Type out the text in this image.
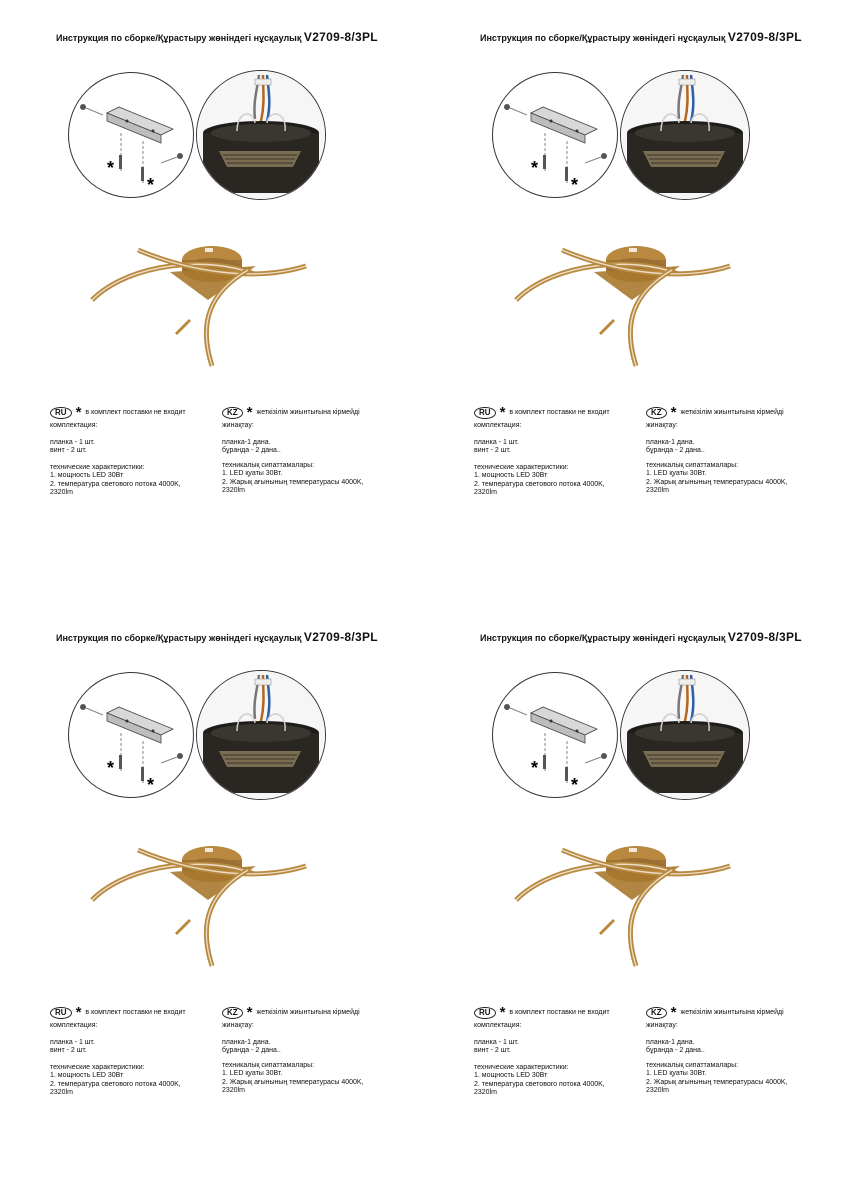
Инструкция по сборке/Құрастыру жөніндегі нұсқаулық V2709-8/3PL
*
*
RU * в комплект поставки не входит
комплектация:
планка - 1 шт.
винт - 2 шт.
технические характеристики:
1. мощность LED 30Вт
2. температура светового потока 4000K,
2320lm
KZ * жеткізілім жиынтығына кірмейді
жинақтау:
планка-1 дана.
бұранда - 2 дана..
техникалық сипаттамалары:
1. LED қуаты 30Вт.
2. Жарық ағынының температурасы 4000K,
2320lm
Инструкция по сборке/Құрастыру жөніндегі нұсқаулық V2709-8/3PL
*
*
RU * в комплект поставки не входит
комплектация:
планка - 1 шт.
винт - 2 шт.
технические характеристики:
1. мощность LED 30Вт
2. температура светового потока 4000K,
2320lm
KZ * жеткізілім жиынтығына кірмейді
жинақтау:
планка-1 дана.
бұранда - 2 дана..
техникалық сипаттамалары:
1. LED қуаты 30Вт.
2. Жарық ағынының температурасы 4000K,
2320lm
Инструкция по сборке/Құрастыру жөніндегі нұсқаулық V2709-8/3PL
*
*
RU * в комплект поставки не входит
комплектация:
планка - 1 шт.
винт - 2 шт.
технические характеристики:
1. мощность LED 30Вт
2. температура светового потока 4000K,
2320lm
KZ * жеткізілім жиынтығына кірмейді
жинақтау:
планка-1 дана.
бұранда - 2 дана..
техникалық сипаттамалары:
1. LED қуаты 30Вт.
2. Жарық ағынының температурасы 4000K,
2320lm
Инструкция по сборке/Құрастыру жөніндегі нұсқаулық V2709-8/3PL
*
*
RU * в комплект поставки не входит
комплектация:
планка - 1 шт.
винт - 2 шт.
технические характеристики:
1. мощность LED 30Вт
2. температура светового потока 4000K,
2320lm
KZ * жеткізілім жиынтығына кірмейді
жинақтау:
планка-1 дана.
бұранда - 2 дана..
техникалық сипаттамалары:
1. LED қуаты 30Вт.
2. Жарық ағынының температурасы 4000K,
2320lm
